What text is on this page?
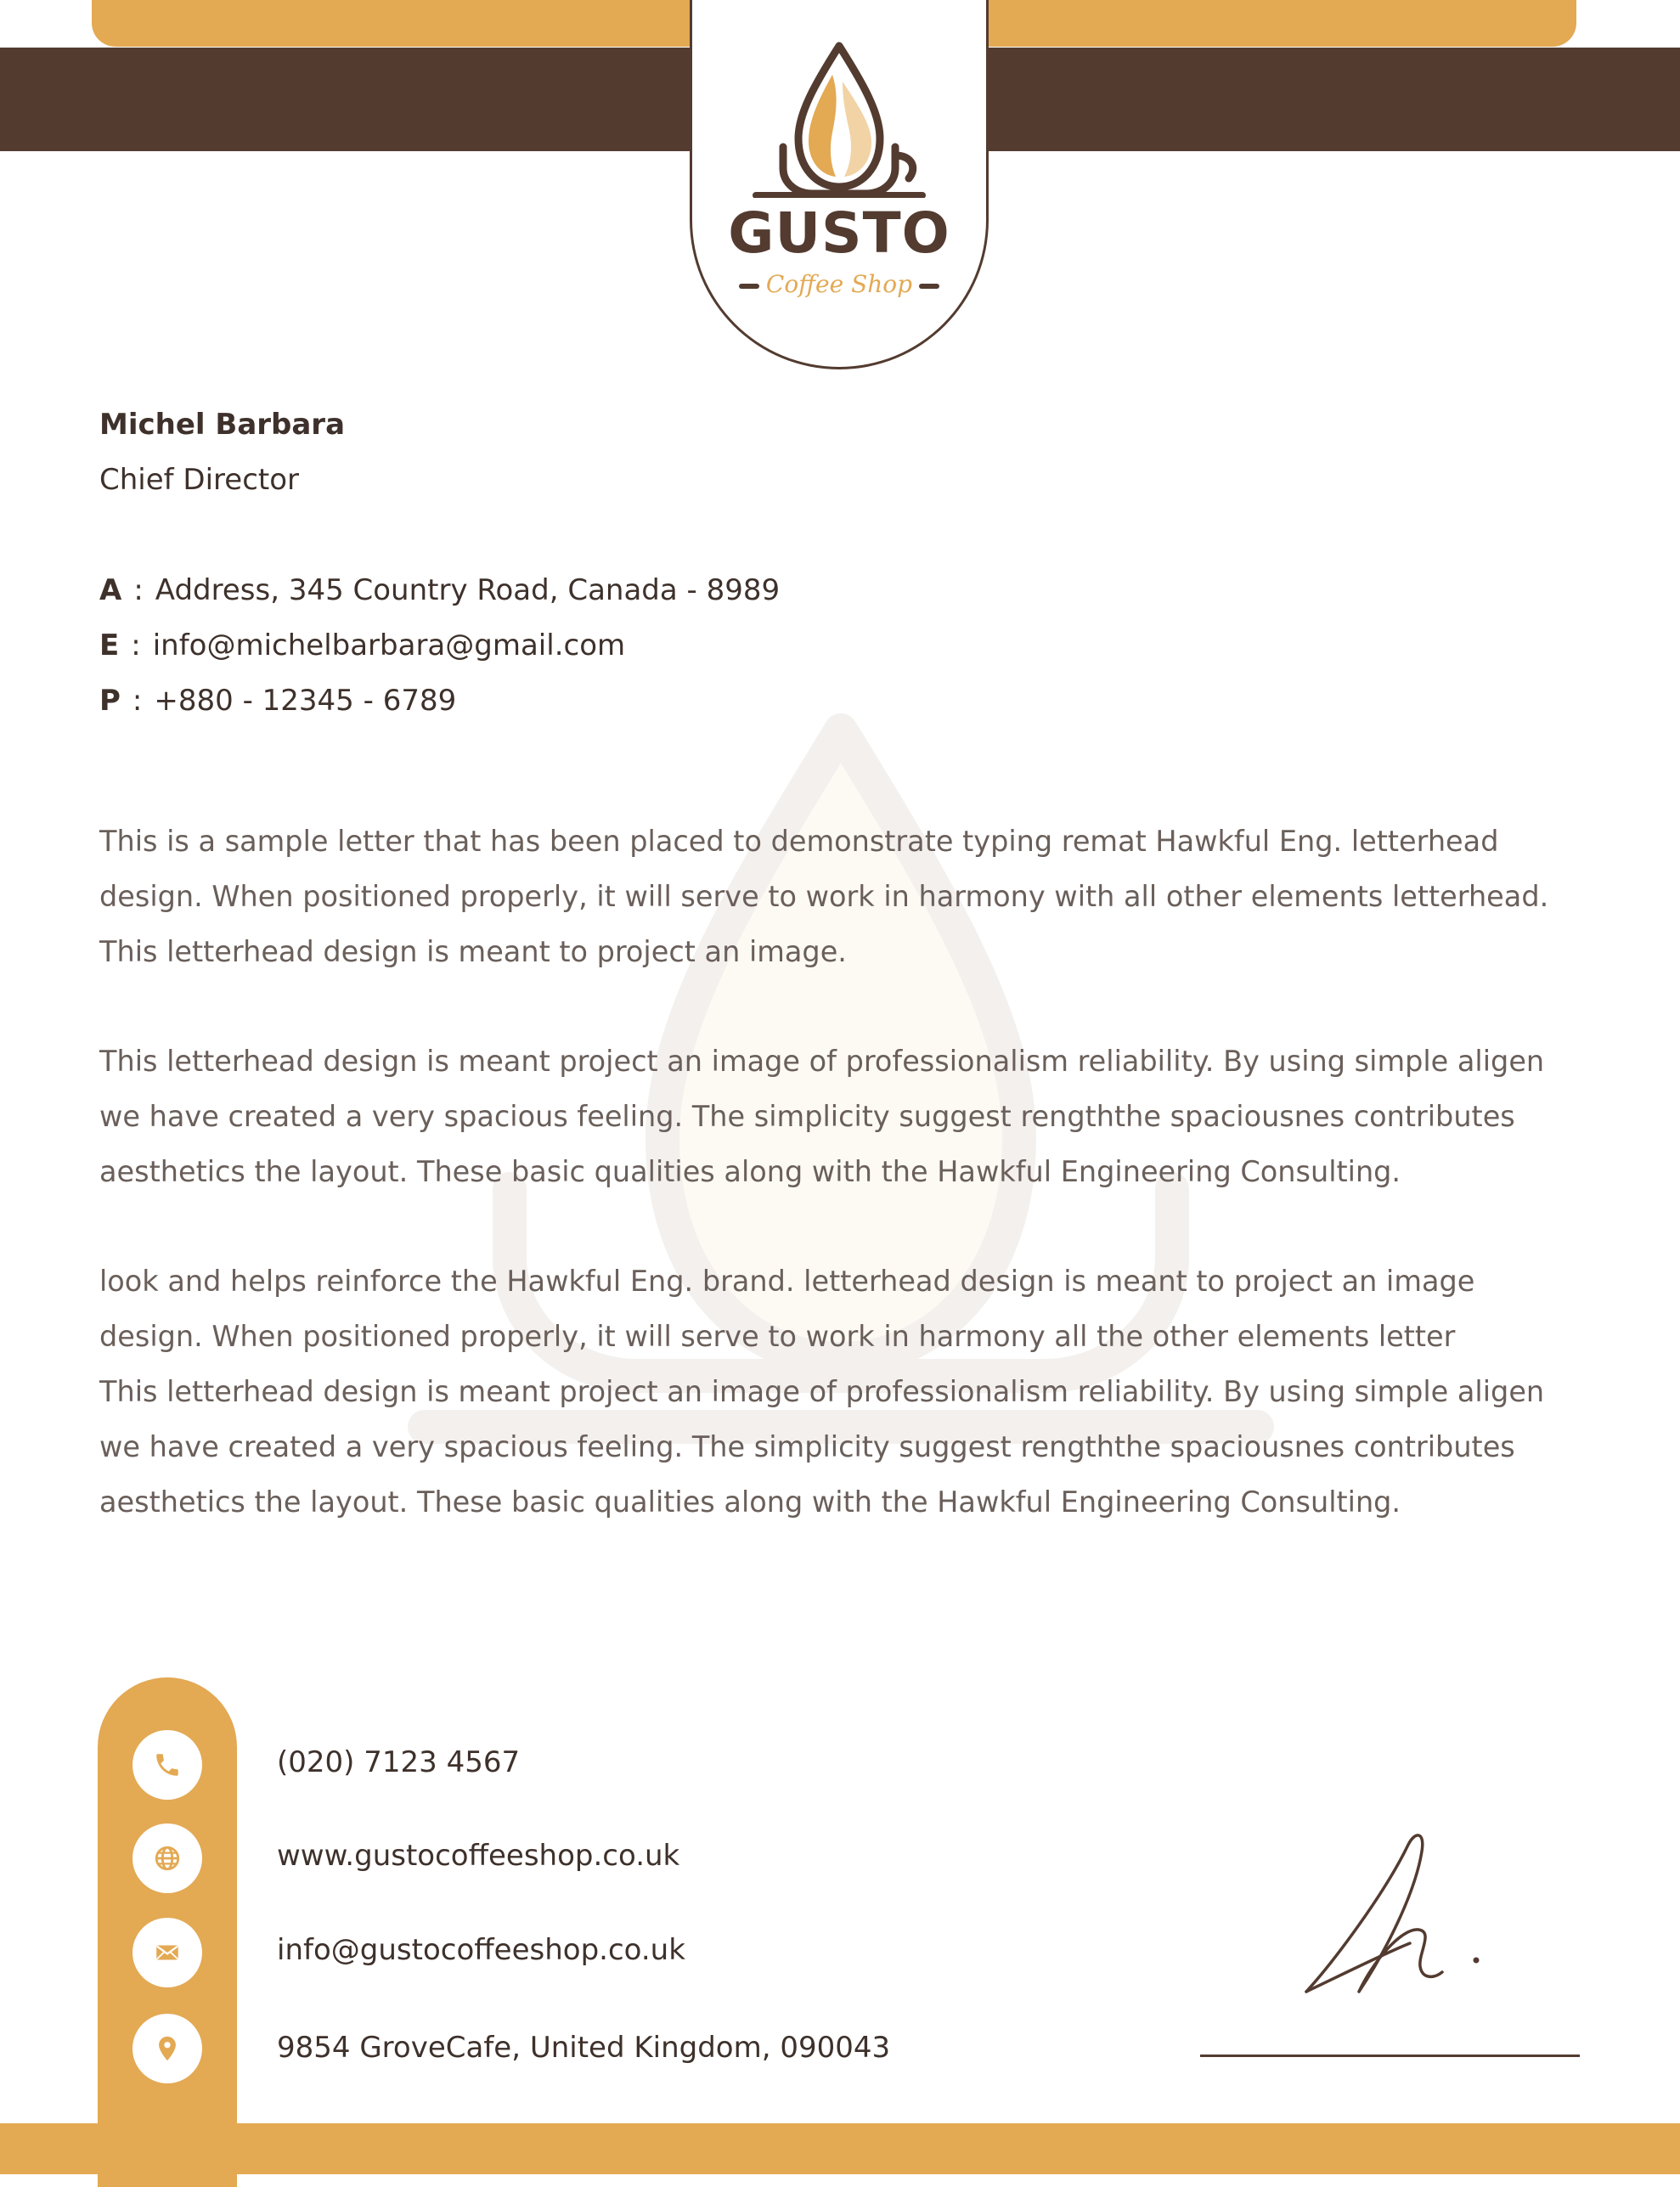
GUSTO
Coffee Shop
Michel Barbara
Chief Director
A : Address, 345 Country Road, Canada - 8989
E : info@michelbarbara@gmail.com
P : +880 - 12345 - 6789

This is a sample letter that has been placed to demonstrate typing remat Hawkful Eng. letterhead

design. When positioned properly, it will serve to work in harmony with all other elements letterhead.

This letterhead design is meant to project an image.

This letterhead design is meant project an image of professionalism reliability. By using simple aligen

we have created a very spacious feeling. The simplicity suggest rengththe spaciousnes contributes

aesthetics the layout. These basic qualities along with the Hawkful Engineering Consulting.

look and helps reinforce the Hawkful Eng. brand. letterhead design is meant to project an image

design. When positioned properly, it will serve to work in harmony all the other elements letter

This letterhead design is meant project an image of professionalism reliability. By using simple aligen

we have created a very spacious feeling. The simplicity suggest rengththe spaciousnes contributes

aesthetics the layout. These basic qualities along with the Hawkful Engineering Consulting.

(020) 7123 4567
www.gustocoffeeshop.co.uk
info@gustocoffeeshop.co.uk
9854 GroveCafe, United Kingdom, 090043
